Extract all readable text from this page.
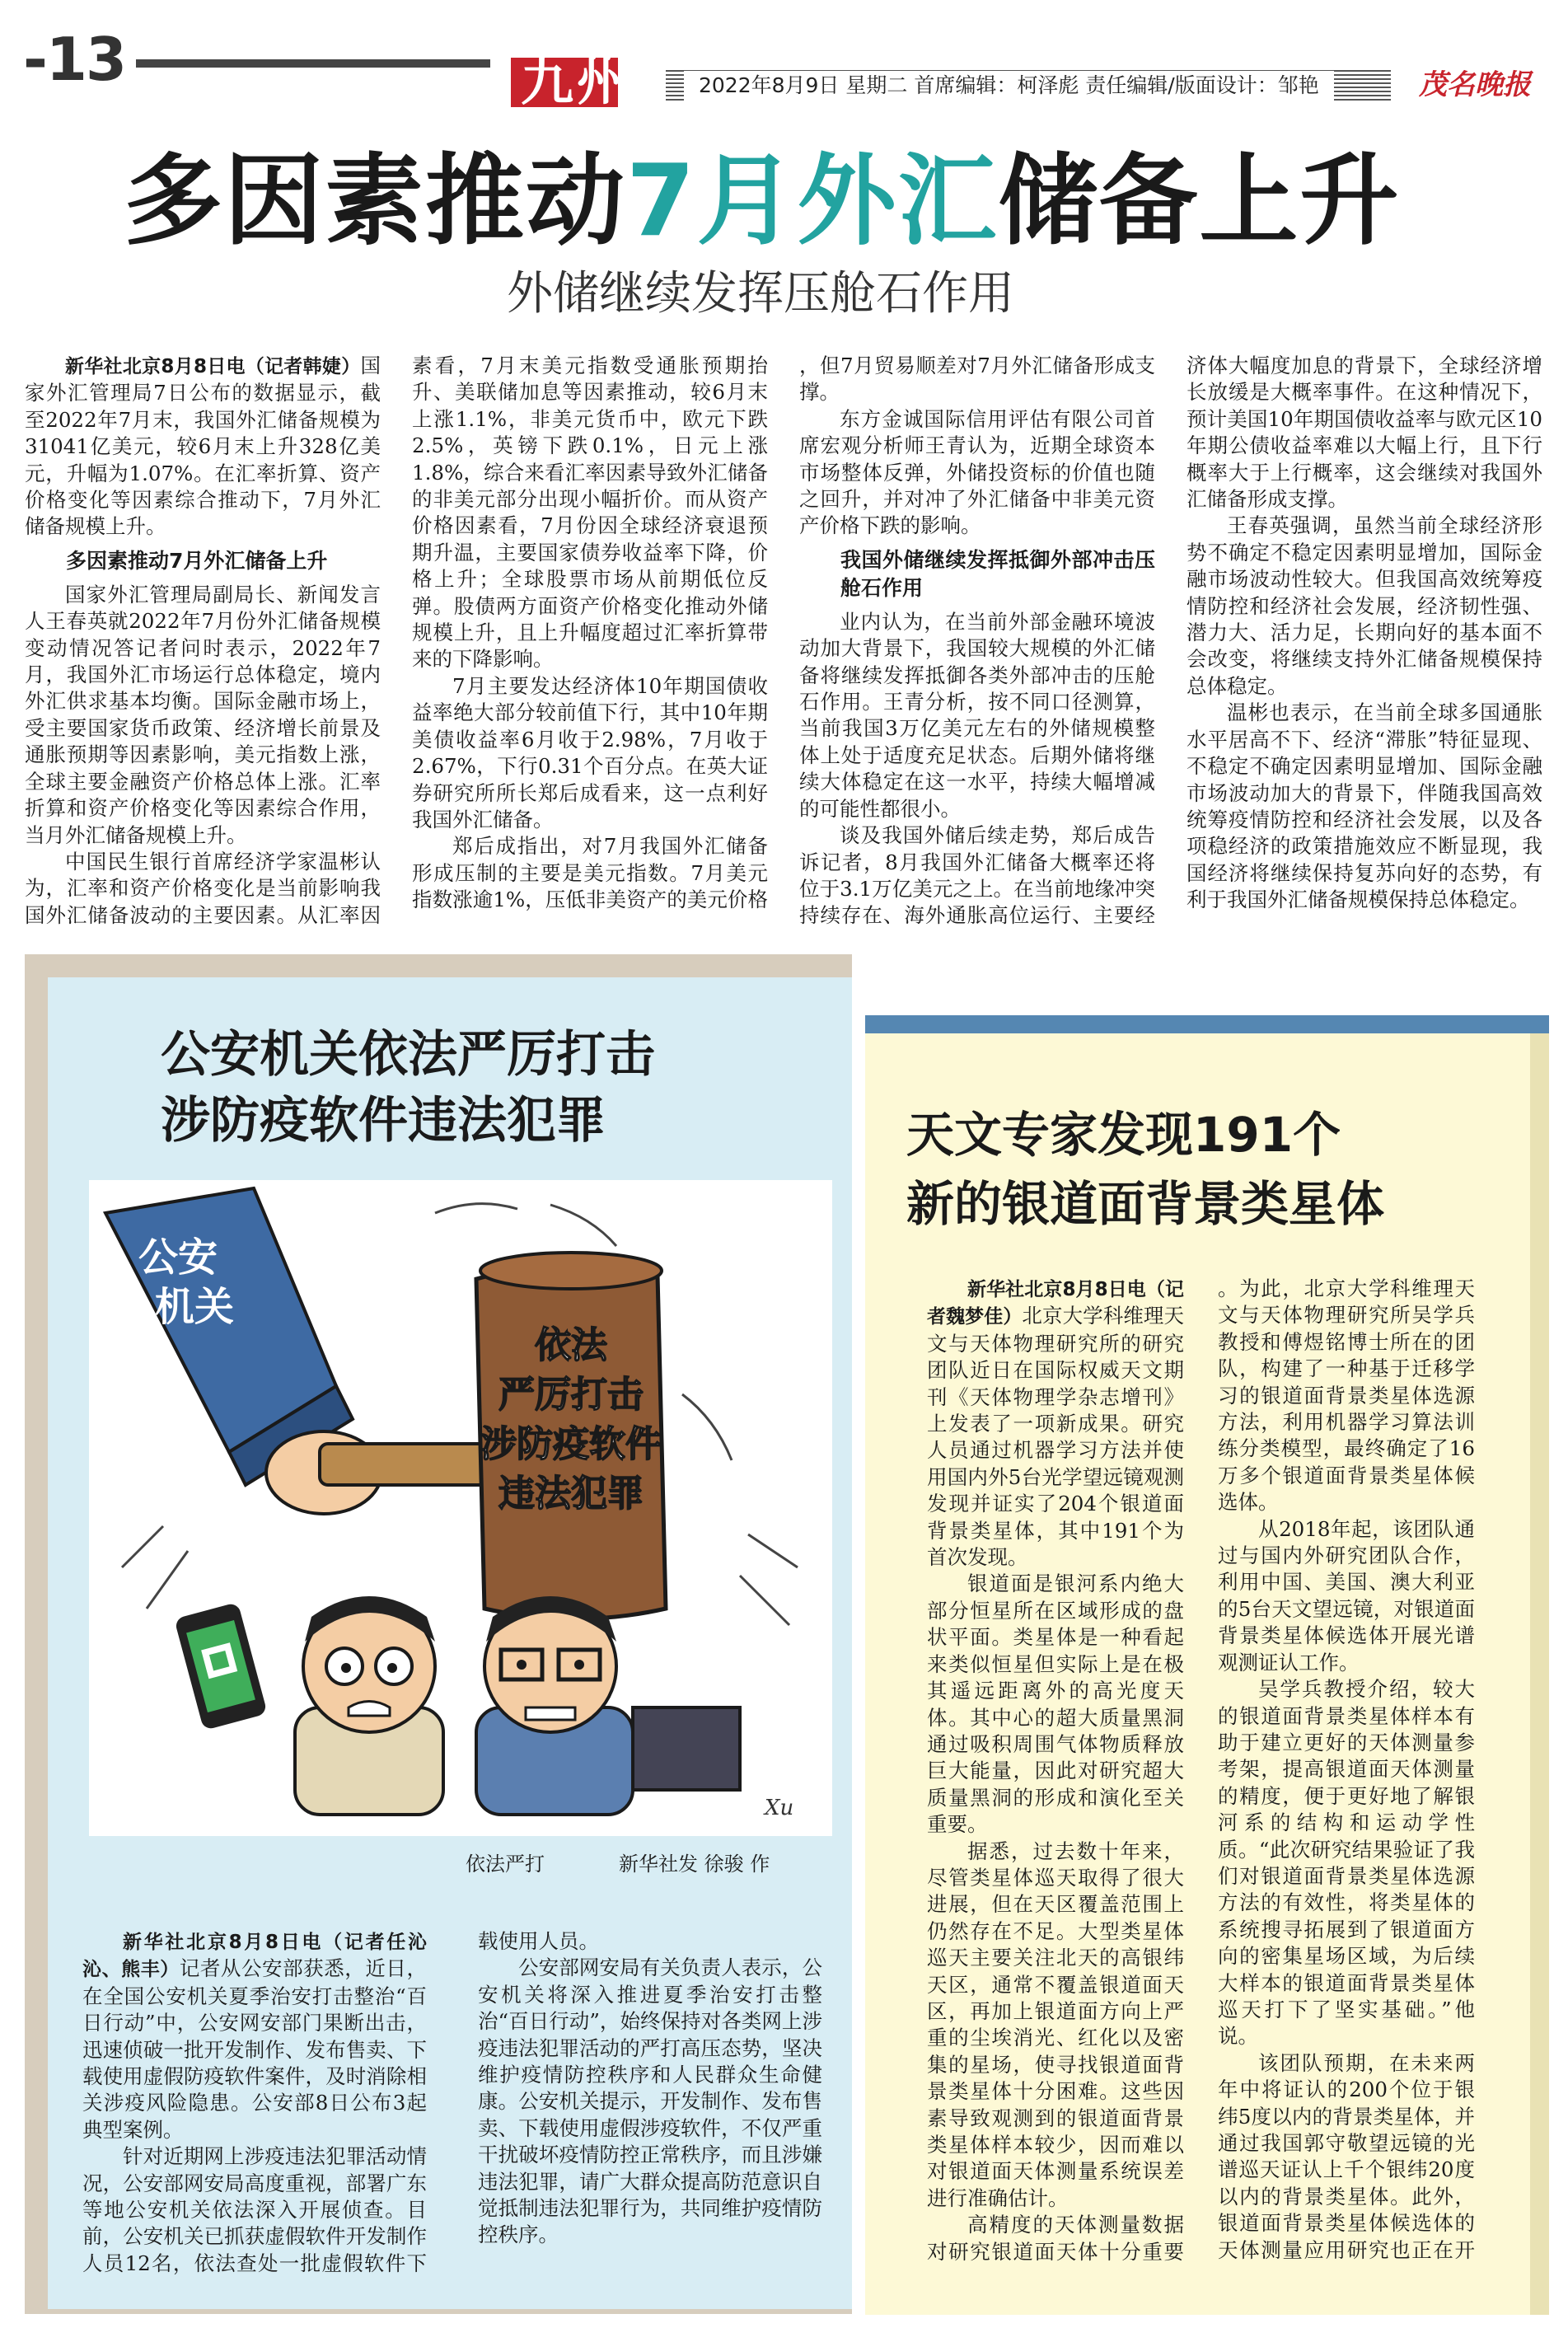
-13	九州	2022年8月9日 星期二 首席编辑：柯泽彪 责任编辑/版面设计：邹艳	茂名晚报
多因素推动7月外汇储备上升
外储继续发挥压舱石作用

新华社北京8月8日电（记者韩婕）国家外汇管理局7日公布的数据显示，截至2022年7月末，我国外汇储备规模为31041亿美元，较6月末上升328亿美元，升幅为1.07%。在汇率折算、资产价格变化等因素综合推动下，7月外汇储备规模上升。

多因素推动7月外汇储备上升

国家外汇管理局副局长、新闻发言人王春英就2022年7月份外汇储备规模变动情况答记者问时表示，2022年7月，我国外汇市场运行总体稳定，境内外汇供求基本均衡。国际金融市场上，受主要国家货币政策、经济增长前景及通胀预期等因素影响，美元指数上涨，全球主要金融资产价格总体上涨。汇率折算和资产价格变化等因素综合作用，当月外汇储备规模上升。

中国民生银行首席经济学家温彬认为，汇率和资产价格变化是当前影响我国外汇储备波动的主要因素。从汇率因

素看，7月末美元指数受通胀预期抬升、美联储加息等因素推动，较6月末上涨1.1%，非美元货币中，欧元下跌2.5%，英镑下跌0.1%，日元上涨1.8%，综合来看汇率因素导致外汇储备的非美元部分出现小幅折价。而从资产价格因素看，7月份因全球经济衰退预期升温，主要国家债券收益率下降，价格上升；全球股票市场从前期低位反弹。股债两方面资产价格变化推动外储规模上升，且上升幅度超过汇率折算带来的下降影响。

7月主要发达经济体10年期国债收益率绝大部分较前值下行，其中10年期美债收益率6月收于2.98%，7月收于2.67%，下行0.31个百分点。在英大证券研究所所长郑后成看来，这一点利好我国外汇储备。

郑后成指出，对7月我国外汇储备形成压制的主要是美元指数。7月美元指数涨逾1%，压低非美资产的美元价格

，但7月贸易顺差对7月外汇储备形成支撑。

东方金诚国际信用评估有限公司首席宏观分析师王青认为，近期全球资本市场整体反弹，外储投资标的价值也随之回升，并对冲了外汇储备中非美元资产价格下跌的影响。

我国外储继续发挥抵御外部冲击压舱石作用

业内认为，在当前外部金融环境波动加大背景下，我国较大规模的外汇储备将继续发挥抵御各类外部冲击的压舱石作用。王青分析，按不同口径测算，当前我国3万亿美元左右的外储规模整体上处于适度充足状态。后期外储将继续大体稳定在这一水平，持续大幅增减的可能性都很小。

谈及我国外储后续走势，郑后成告诉记者，8月我国外汇储备大概率还将位于3.1万亿美元之上。在当前地缘冲突持续存在、海外通胀高位运行、主要经

济体大幅度加息的背景下，全球经济增长放缓是大概率事件。在这种情况下，预计美国10年期国债收益率与欧元区10年期公债收益率难以大幅上行，且下行概率大于上行概率，这会继续对我国外汇储备形成支撑。

王春英强调，虽然当前全球经济形势不确定不稳定因素明显增加，国际金融市场波动性较大。但我国高效统筹疫情防控和经济社会发展，经济韧性强、潜力大、活力足，长期向好的基本面不会改变，将继续支持外汇储备规模保持总体稳定。

温彬也表示，在当前全球多国通胀水平居高不下、经济“滞胀”特征显现、不稳定不确定因素明显增加、国际金融市场波动加大的背景下，伴随我国高效统筹疫情防控和经济社会发展，以及各项稳经济的政策措施效应不断显现，我国经济将继续保持复苏向好的态势，有利于我国外汇储备规模保持总体稳定。

公安机关依法严厉打击
涉防疫软件违法犯罪
公安
机关
依法
严厉打击
涉防疫软件
违法犯罪
Xu
依法严打	新华社发 徐骏 作

新华社北京8月8日电（记者任沁沁、熊丰）记者从公安部获悉，近日，在全国公安机关夏季治安打击整治“百日行动”中，公安网安部门果断出击，迅速侦破一批开发制作、发布售卖、下载使用虚假防疫软件案件，及时消除相关涉疫风险隐患。公安部8日公布3起典型案例。

针对近期网上涉疫违法犯罪活动情况，公安部网安局高度重视，部署广东等地公安机关依法深入开展侦查。目前，公安机关已抓获虚假软件开发制作人员12名，依法查处一批虚假软件下

载使用人员。

公安部网安局有关负责人表示，公安机关将深入推进夏季治安打击整治“百日行动”，始终保持对各类网上涉疫违法犯罪活动的严打高压态势，坚决维护疫情防控秩序和人民群众生命健康。公安机关提示，开发制作、发布售卖、下载使用虚假涉疫软件，不仅严重干扰破坏疫情防控正常秩序，而且涉嫌违法犯罪，请广大群众提高防范意识自觉抵制违法犯罪行为，共同维护疫情防控秩序。

天文专家发现191个
新的银道面背景类星体

新华社北京8月8日电（记者魏梦佳）北京大学科维理天文与天体物理研究所的研究团队近日在国际权威天文期刊《天体物理学杂志增刊》上发表了一项新成果。研究人员通过机器学习方法并使用国内外5台光学望远镜观测发现并证实了204个银道面背景类星体，其中191个为首次发现。

银道面是银河系内绝大部分恒星所在区域形成的盘状平面。类星体是一种看起来类似恒星但实际上是在极其遥远距离外的高光度天体。其中心的超大质量黑洞通过吸积周围气体物质释放巨大能量，因此对研究超大质量黑洞的形成和演化至关重要。

据悉，过去数十年来，尽管类星体巡天取得了很大进展，但在天区覆盖范围上仍然存在不足。大型类星体巡天主要关注北天的高银纬天区，通常不覆盖银道面天区，再加上银道面方向上严重的尘埃消光、红化以及密集的星场，使寻找银道面背景类星体十分困难。这些因素导致观测到的银道面背景类星体样本较少，因而难以对银道面天体测量系统误差进行准确估计。

高精度的天体测量数据对研究银道面天体十分重要

。为此，北京大学科维理天文与天体物理研究所吴学兵教授和傅煜铭博士所在的团队，构建了一种基于迁移学习的银道面背景类星体选源方法，利用机器学习算法训练分类模型，最终确定了16万多个银道面背景类星体候选体。

从2018年起，该团队通过与国内外研究团队合作，利用中国、美国、澳大利亚的5台天文望远镜，对银道面背景类星体候选体开展光谱观测证认工作。

吴学兵教授介绍，较大的银道面背景类星体样本有助于建立更好的天体测量参考架，提高银道面天体测量的精度，便于更好地了解银河系的结构和运动学性质。“此次研究结果验证了我们对银道面背景类星体选源方法的有效性，将类星体的系统搜寻拓展到了银道面方向的密集星场区域，为后续大样本的银道面背景类星体巡天打下了坚实基础。”他说。

该团队预期，在未来两年中将证认的200个位于银纬5度以内的背景类星体，并通过我国郭守敬望远镜的光谱巡天证认上千个银纬20度以内的背景类星体。此外，银道面背景类星体候选体的天体测量应用研究也正在开
